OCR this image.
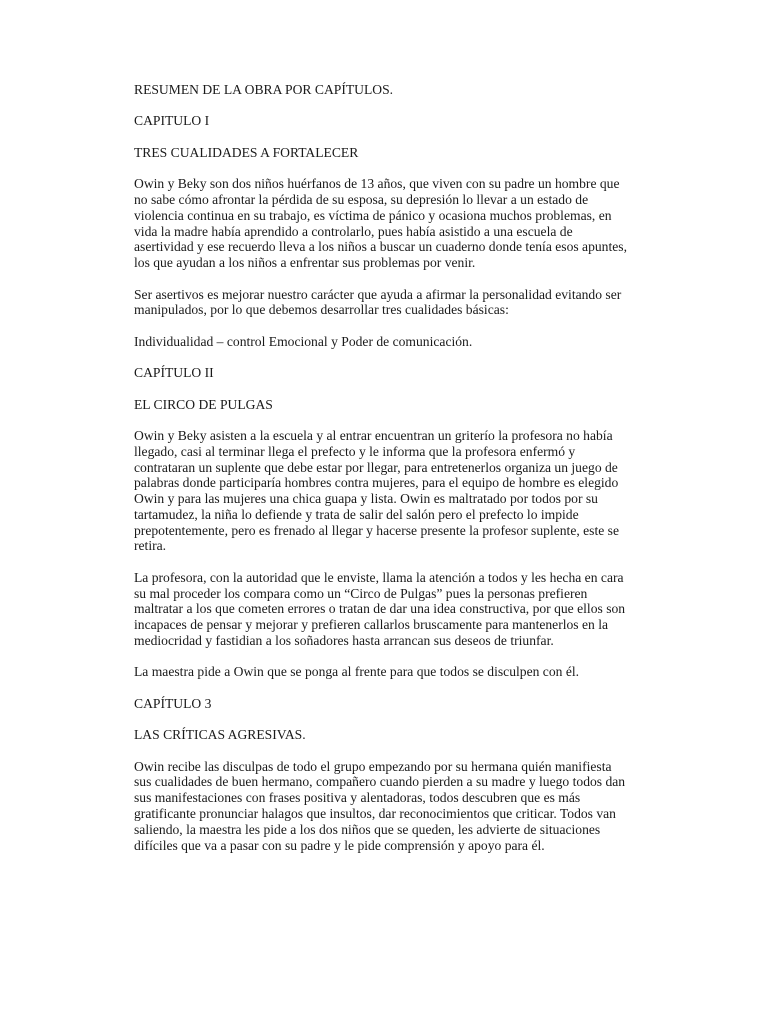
RESUMEN DE LA OBRA POR CAPÍTULOS.

CAPITULO I

TRES CUALIDADES A FORTALECER

Owin y Beky son dos niños huérfanos de 13 años, que viven con su padre un hombre que no sabe cómo afrontar la pérdida de su esposa, su depresión lo llevar a un estado de violencia continua en su trabajo, es víctima de pánico y ocasiona muchos problemas, en vida la madre había aprendido a controlarlo, pues había asistido a una escuela de asertividad y ese recuerdo lleva a los niños a buscar un cuaderno donde tenía esos apuntes, los que ayudan a los niños a enfrentar sus problemas por venir.

Ser asertivos es mejorar nuestro carácter que ayuda a afirmar la personalidad evitando ser manipulados, por lo que debemos desarrollar tres cualidades básicas:

Individualidad – control Emocional y Poder de comunicación.

CAPÍTULO II

EL CIRCO DE PULGAS

Owin y Beky asisten a la escuela y al entrar encuentran un griterío la profesora no había llegado, casi al terminar llega el prefecto y le informa que la profesora enfermó y contrataran un suplente que debe estar por llegar, para entretenerlos organiza un juego de palabras donde participaría hombres contra mujeres, para el equipo de hombre es elegido Owin y para las mujeres una chica guapa y lista. Owin es maltratado por todos por su tartamudez, la niña lo defiende y trata de salir del salón pero el prefecto lo impide prepotentemente, pero es frenado al llegar y hacerse presente la profesor suplente, este se retira.

La profesora, con la autoridad que le enviste, llama la atención a todos y les hecha en cara su mal proceder los compara como un “Circo de Pulgas” pues la personas prefieren maltratar a los que cometen errores o tratan de dar una idea constructiva, por que ellos son incapaces de pensar y mejorar y prefieren callarlos bruscamente para mantenerlos en la mediocridad y fastidian a los soñadores hasta arrancan sus deseos de triunfar.

La maestra pide a Owin que se ponga al frente para que todos se disculpen con él.

CAPÍTULO 3

LAS CRÍTICAS AGRESIVAS.

Owin recibe las disculpas de todo el grupo empezando por su hermana quién manifiesta sus cualidades de buen hermano, compañero cuando pierden a su madre y luego todos dan sus manifestaciones con frases positiva y alentadoras, todos descubren que es más gratificante pronunciar halagos que insultos, dar reconocimientos que criticar. Todos van saliendo, la maestra les pide a los dos niños que se queden, les advierte de situaciones difíciles que va a pasar con su padre y le pide comprensión y apoyo para él.
